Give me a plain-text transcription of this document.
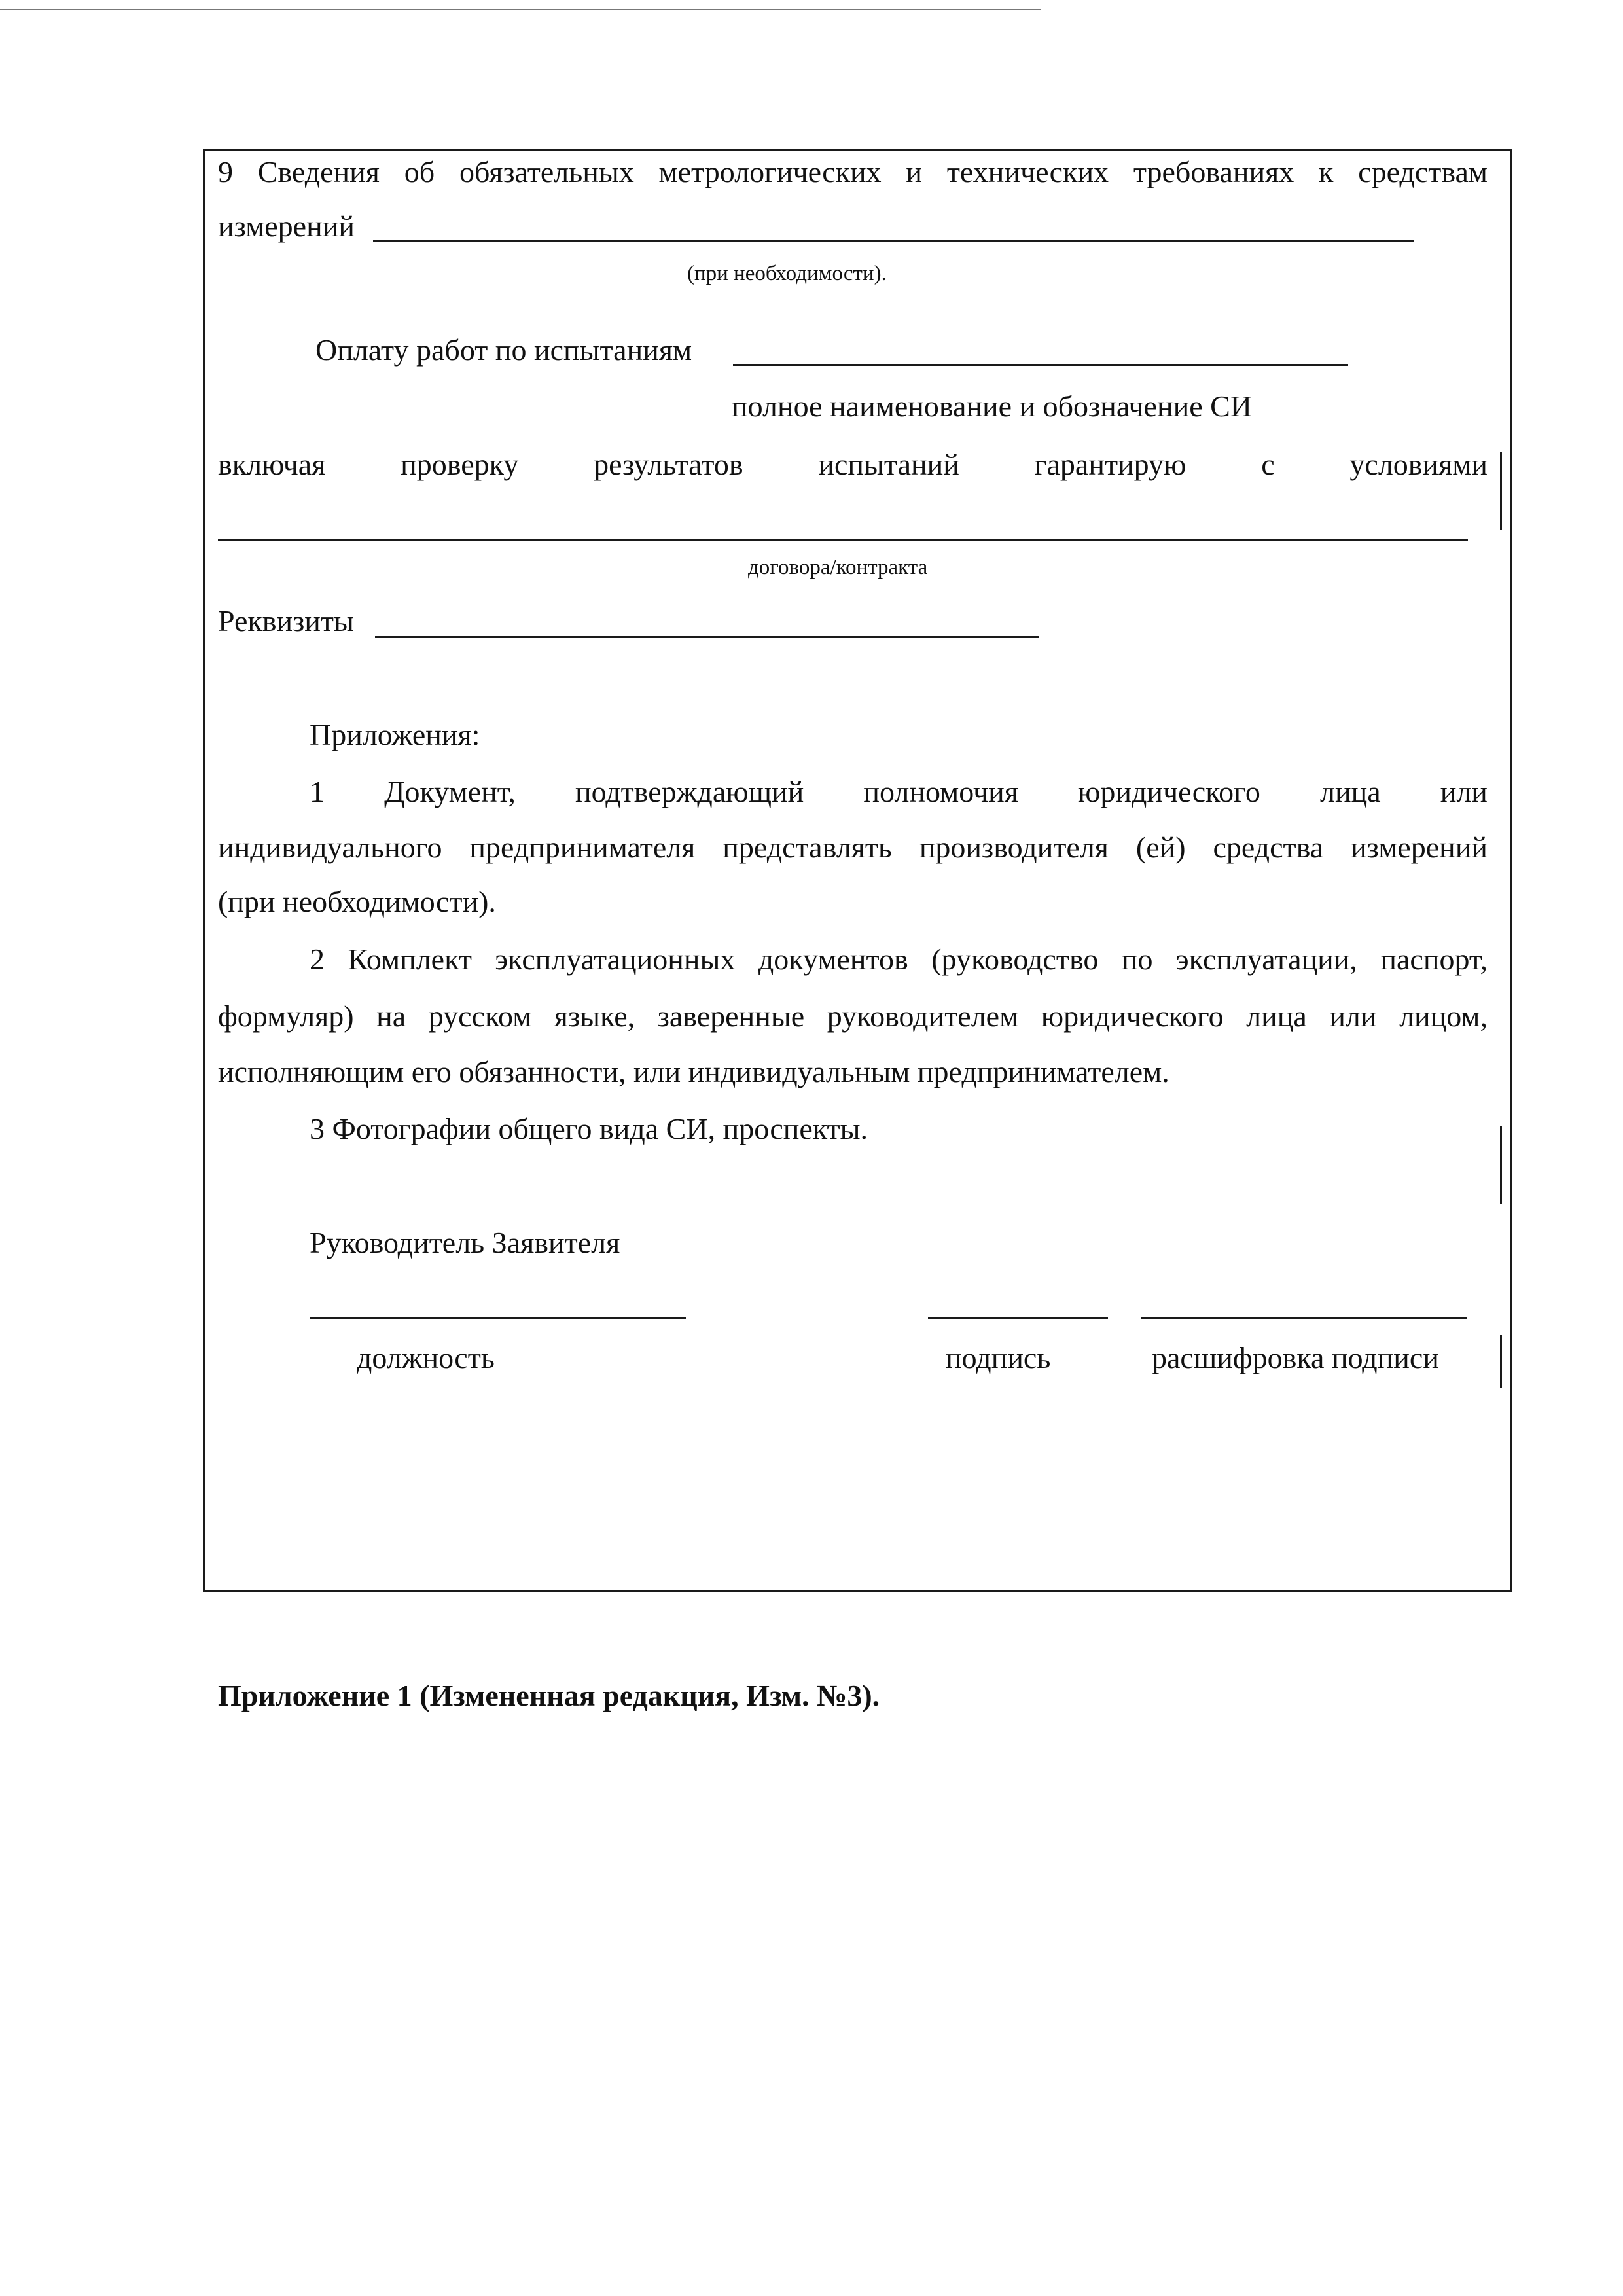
9 Сведения об обязательных метрологических и технических требованиях к средствам
измерений
(при необходимости).
Оплату работ по испытаниям
полное наименование и обозначение СИ
включая проверку результатов испытаний гарантирую с условиями
договора/контракта
Реквизиты
Приложения:
1 Документ, подтверждающий полномочия юридического лица или
индивидуального предпринимателя представлять производителя (ей) средства измерений
(при необходимости).
2 Комплект эксплуатационных документов (руководство по эксплуатации, паспорт,
формуляр) на русском языке, заверенные руководителем юридического лица или лицом,
исполняющим его обязанности, или индивидуальным предпринимателем.
3 Фотографии общего вида СИ, проспекты.
Руководитель Заявителя
должность	подпись	расшифровка подписи
Приложение 1 (Измененная редакция, Изм. №3).
